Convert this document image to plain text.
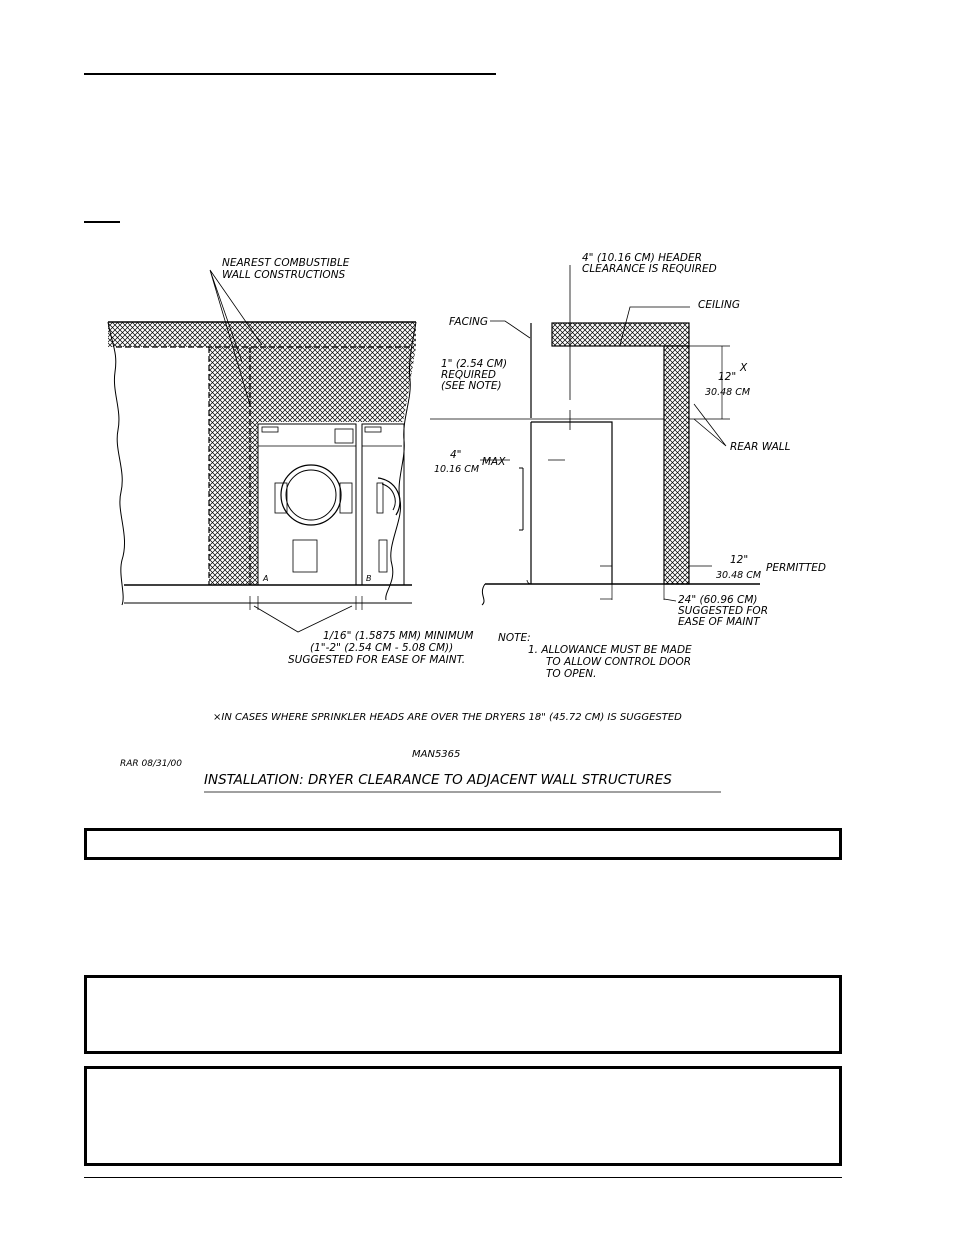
NEAREST COMBUSTIBLE
WALL CONSTRUCTIONS
4" (10.16 CM) HEADER
CLEARANCE IS REQUIRED
CEILING
FACING
1" (2.54 CM)
REQUIRED
(SEE NOTE)
12"
30.48 CM
X
REAR WALL
4"
10.16 CM
MAX
12"
30.48 CM
PERMITTED
24" (60.96 CM)
SUGGESTED FOR
EASE OF MAINT
A	B
1/16" (1.5875 MM) MINIMUM
(1"-2" (2.54 CM - 5.08 CM))
SUGGESTED FOR EASE OF MAINT.
NOTE:
1. ALLOWANCE MUST BE MADE
TO ALLOW CONTROL DOOR
TO OPEN.
×IN CASES WHERE SPRINKLER HEADS ARE OVER THE DRYERS 18" (45.72 CM) IS SUGGESTED
MAN5365
RAR 08/31/00
INSTALLATION: DRYER CLEARANCE TO ADJACENT WALL STRUCTURES
